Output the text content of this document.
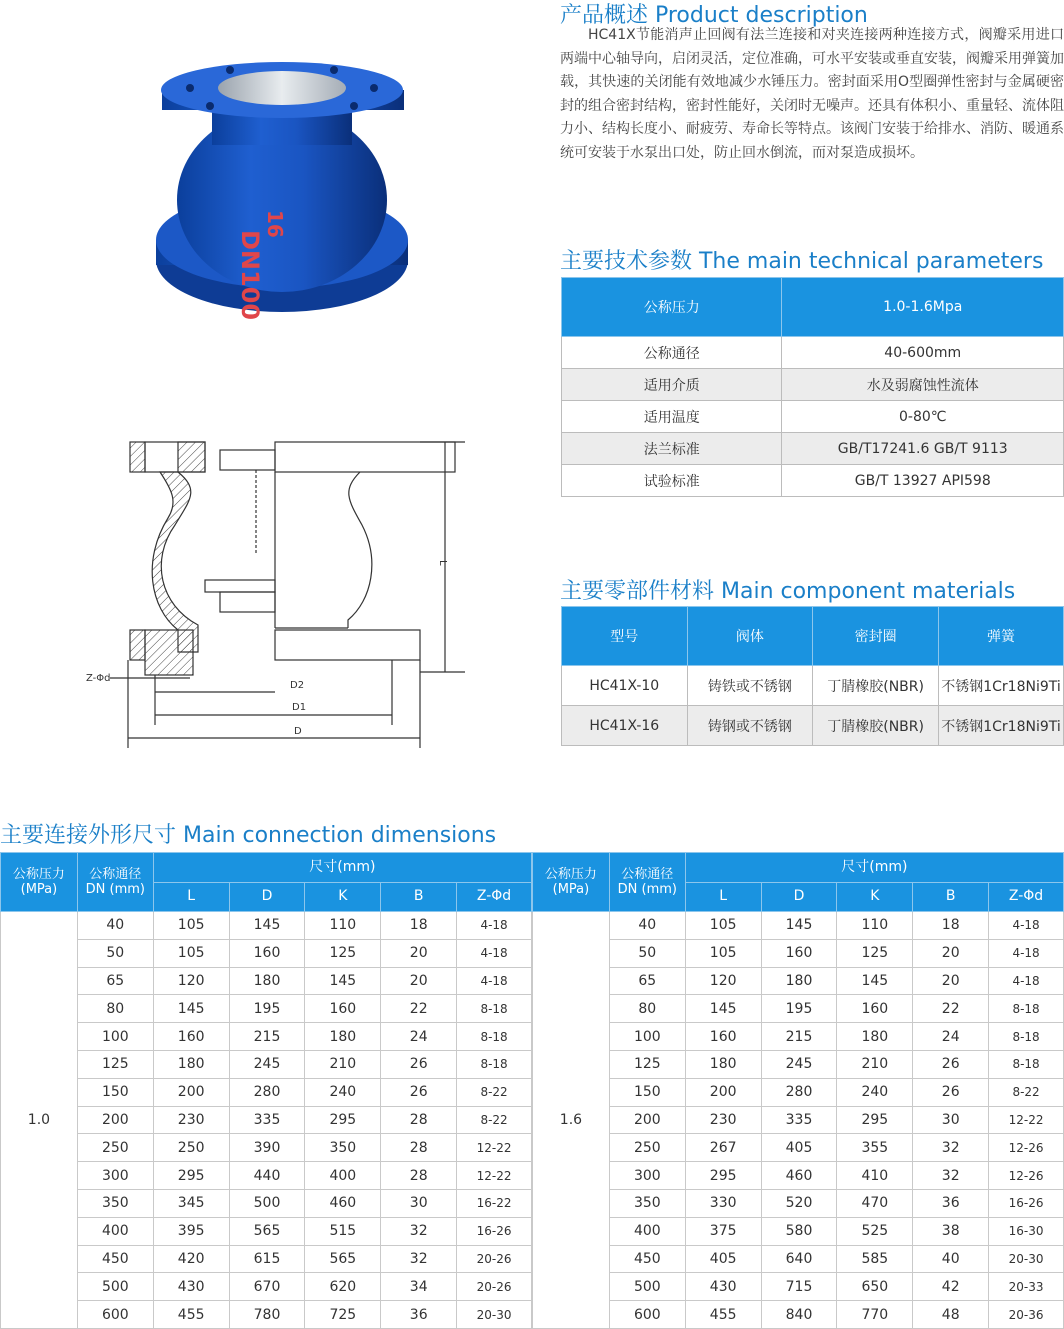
产品概述 Product description

HC41X节能消声止回阀有法兰连接和对夹连接两种连接方式，阀瓣采用进口两端中心轴导向，启闭灵活，定位准确，可水平安装或垂直安装，阀瓣采用弹簧加载，其快速的关闭能有效地减少水锤压力。密封面采用O型圈弹性密封与金属硬密封的组合密封结构，密封性能好，关闭时无噪声。还具有体积小、重量轻、流体阻力小、结构长度小、耐疲劳、寿命长等特点。该阀门安装于给排水、消防、暖通系统可安装于水泵出口处，防止回水倒流，而对泵造成损坏。

DN100
16
L
Z-Φd
D2
D1
D
主要技术参数 The main technical parameters
公称压力	1.0-1.6Mpa
公称通径	40-600mm
适用介质	水及弱腐蚀性流体
适用温度	0-80℃
法兰标准	GB/T17241.6 GB/T 9113
试验标准	GB/T 13927 API598
主要零部件材料 Main component materials
型号	阀体	密封圈	弹簧
HC41X-10	铸铁或不锈钢	丁腈橡胶(NBR)	不锈钢1Cr18Ni9Ti
HC41X-16	铸钢或不锈钢	丁腈橡胶(NBR)	不锈钢1Cr18Ni9Ti
主要连接外形尺寸 Main connection dimensions
公称压力 (MPa)	公称通径 DN (mm)	尺寸(mm)				
		L	D	K	B	Z-Φd
1.0	40	105	145	110	18	4-18
	50	105	160	125	20	4-18
	65	120	180	145	20	4-18
	80	145	195	160	22	8-18
	100	160	215	180	24	8-18
	125	180	245	210	26	8-18
	150	200	280	240	26	8-22
	200	230	335	295	28	8-22
	250	250	390	350	28	12-22
	300	295	440	400	28	12-22
	350	345	500	460	30	16-22
	400	395	565	515	32	16-26
	450	420	615	565	32	20-26
	500	430	670	620	34	20-26
	600	455	780	725	36	20-30
公称压力 (MPa)	公称通径 DN (mm)	尺寸(mm)				
		L	D	K	B	Z-Φd
1.6	40	105	145	110	18	4-18
	50	105	160	125	20	4-18
	65	120	180	145	20	4-18
	80	145	195	160	22	8-18
	100	160	215	180	24	8-18
	125	180	245	210	26	8-18
	150	200	280	240	26	8-22
	200	230	335	295	30	12-22
	250	267	405	355	32	12-26
	300	295	460	410	32	12-26
	350	330	520	470	36	16-26
	400	375	580	525	38	16-30
	450	405	640	585	40	20-30
	500	430	715	650	42	20-33
	600	455	840	770	48	20-36
